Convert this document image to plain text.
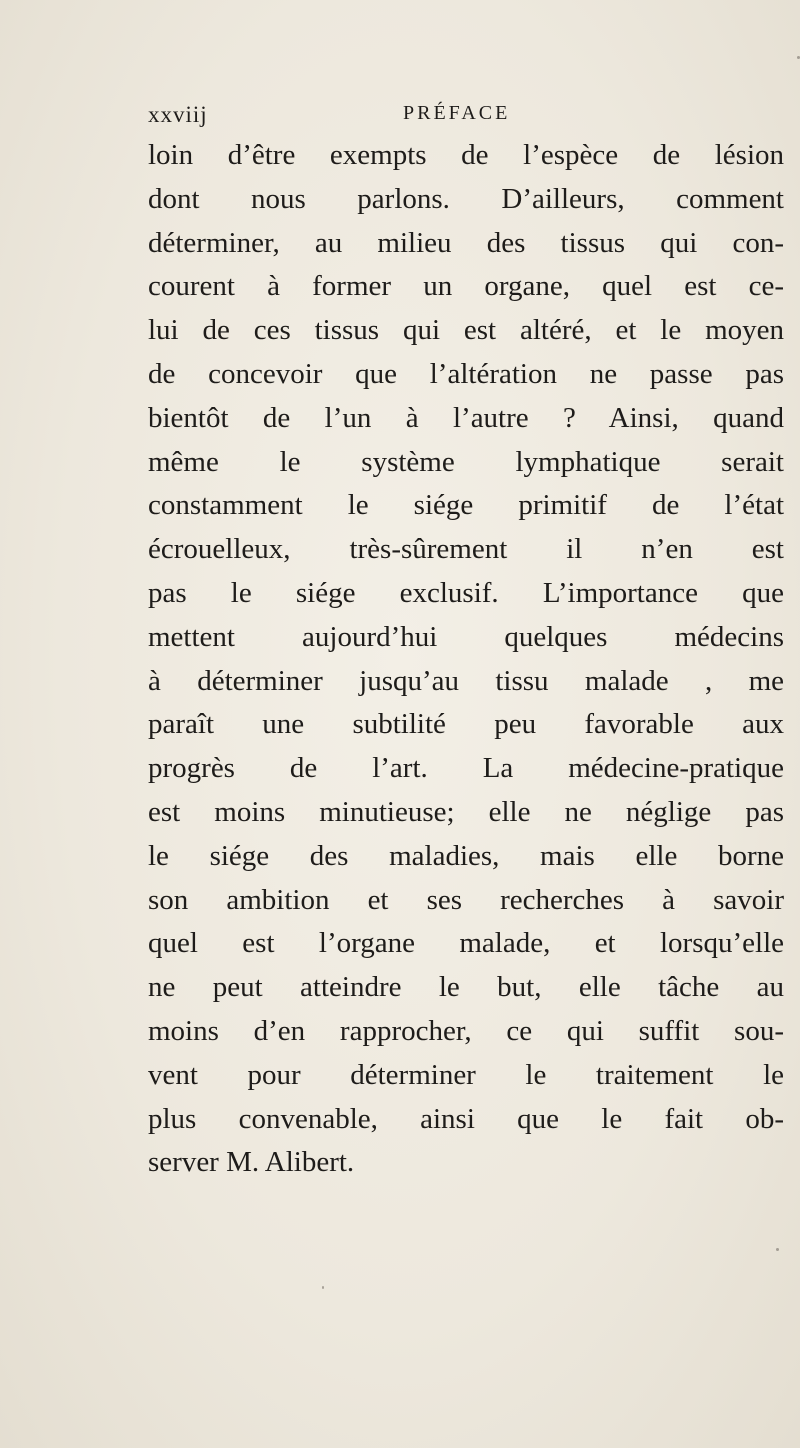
xxviij	PRÉFACE
loin d’être exempts de l’espèce de lésion
dont nous parlons. D’ailleurs, comment
déterminer, au milieu des tissus qui con-
courent à former un organe, quel est ce-
lui de ces tissus qui est altéré, et le moyen
de concevoir que l’altération ne passe pas
bientôt de l’un à l’autre ? Ainsi, quand
même le système lymphatique serait
constamment le siége primitif de l’état
écrouelleux, très-sûrement il n’en est
pas le siége exclusif. L’importance que
mettent aujourd’hui quelques médecins
à déterminer jusqu’au tissu malade , me
paraît une subtilité peu favorable aux
progrès de l’art. La médecine-pratique
est moins minutieuse; elle ne néglige pas
le siége des maladies, mais elle borne
son ambition et ses recherches à savoir
quel est l’organe malade, et lorsqu’elle
ne peut atteindre le but, elle tâche au
moins d’en rapprocher, ce qui suffit sou-
vent pour déterminer le traitement le
plus convenable, ainsi que le fait ob-
server M. Alibert.
